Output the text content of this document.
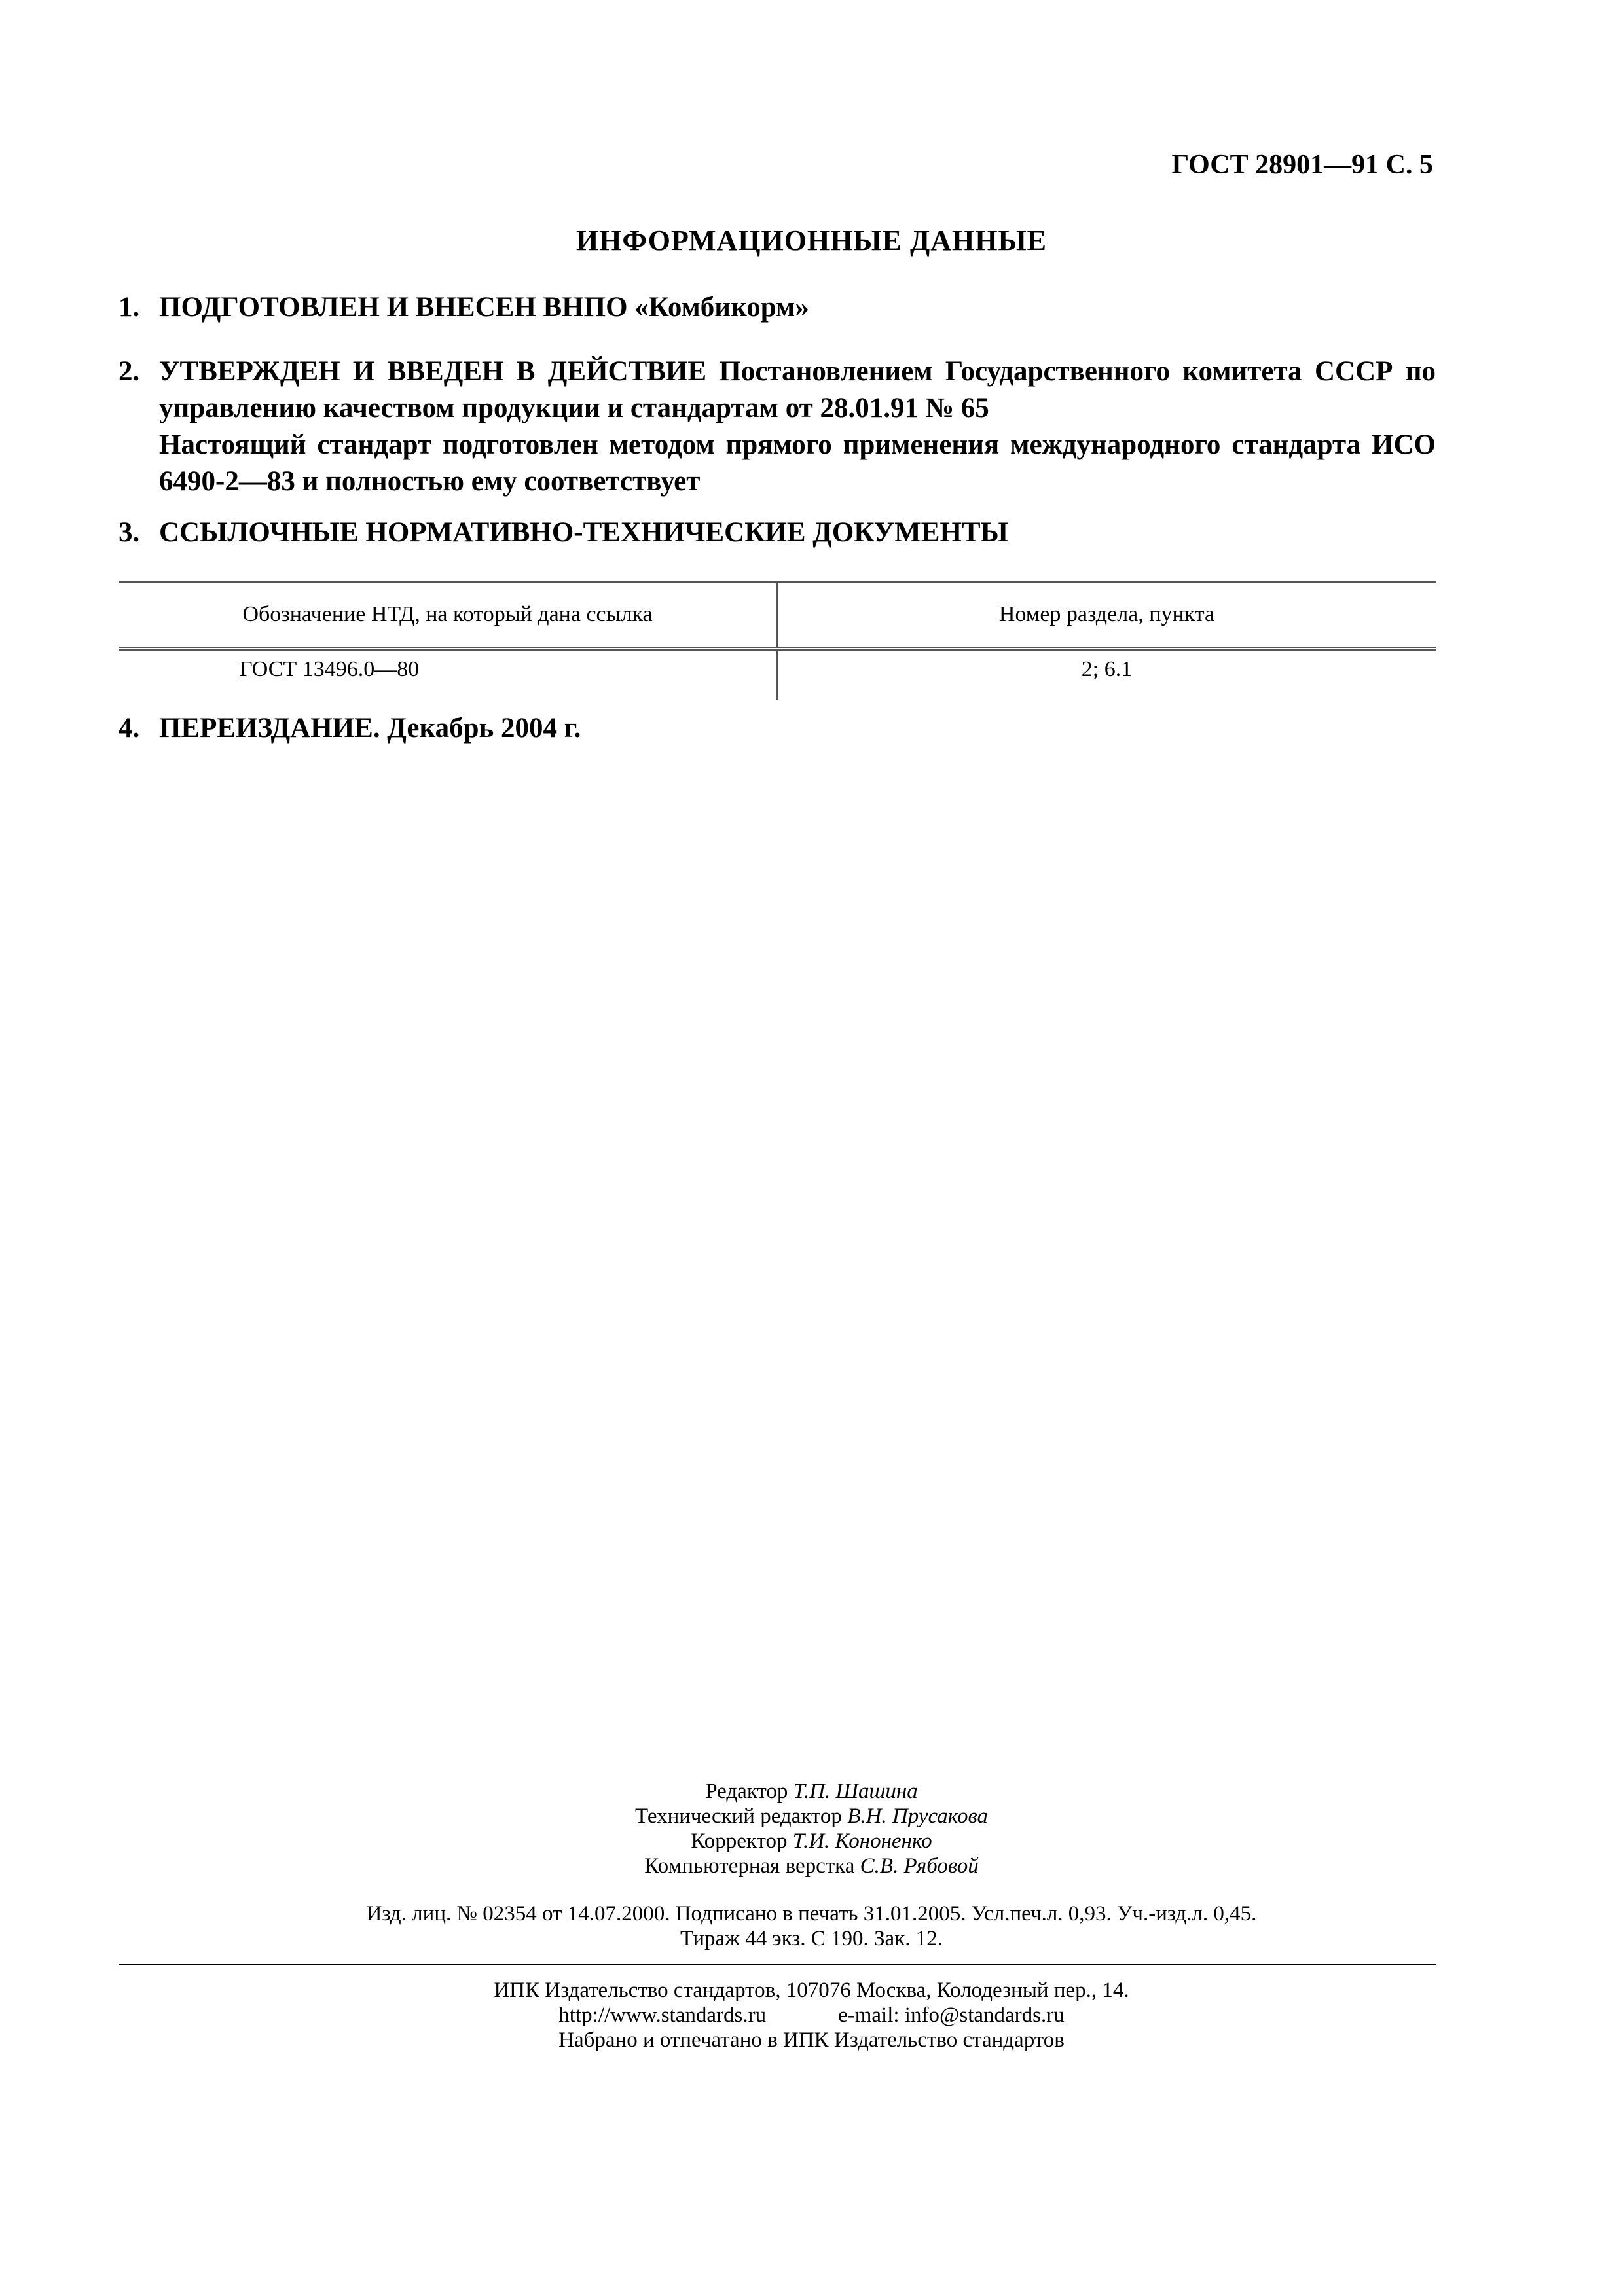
ГОСТ 28901—91 С. 5
ИНФОРМАЦИОННЫЕ ДАННЫЕ
1. ПОДГОТОВЛЕН И ВНЕСЕН ВНПО «Комбикорм»
2. УТВЕРЖДЕН И ВВЕДЕН В ДЕЙСТВИЕ Постановлением Государственного комитета СССР по управлению качеством продукции и стандартам от 28.01.91 № 65
Настоящий стандарт подготовлен методом прямого применения международного стандарта ИСО 6490-2—83 и полностью ему соответствует
3. ССЫЛОЧНЫЕ НОРМАТИВНО-ТЕХНИЧЕСКИЕ ДОКУМЕНТЫ
Обозначение НТД, на который дана ссылка	Номер раздела, пункта
ГОСТ 13496.0—80	2; 6.1
4. ПЕРЕИЗДАНИЕ. Декабрь 2004 г.
Редактор Т.П. Шашина
Технический редактор В.Н. Прусакова
Корректор Т.И. Кононенко
Компьютерная верстка С.В. Рябовой
Изд. лиц. № 02354 от 14.07.2000. Подписано в печать 31.01.2005. Усл.печ.л. 0,93. Уч.-изд.л. 0,45.
Тираж 44 экз. С 190. Зак. 12.
ИПК Издательство стандартов, 107076 Москва, Колодезный пер., 14.
http://www.standards.ru	e-mail: info@standards.ru
Набрано и отпечатано в ИПК Издательство стандартов
